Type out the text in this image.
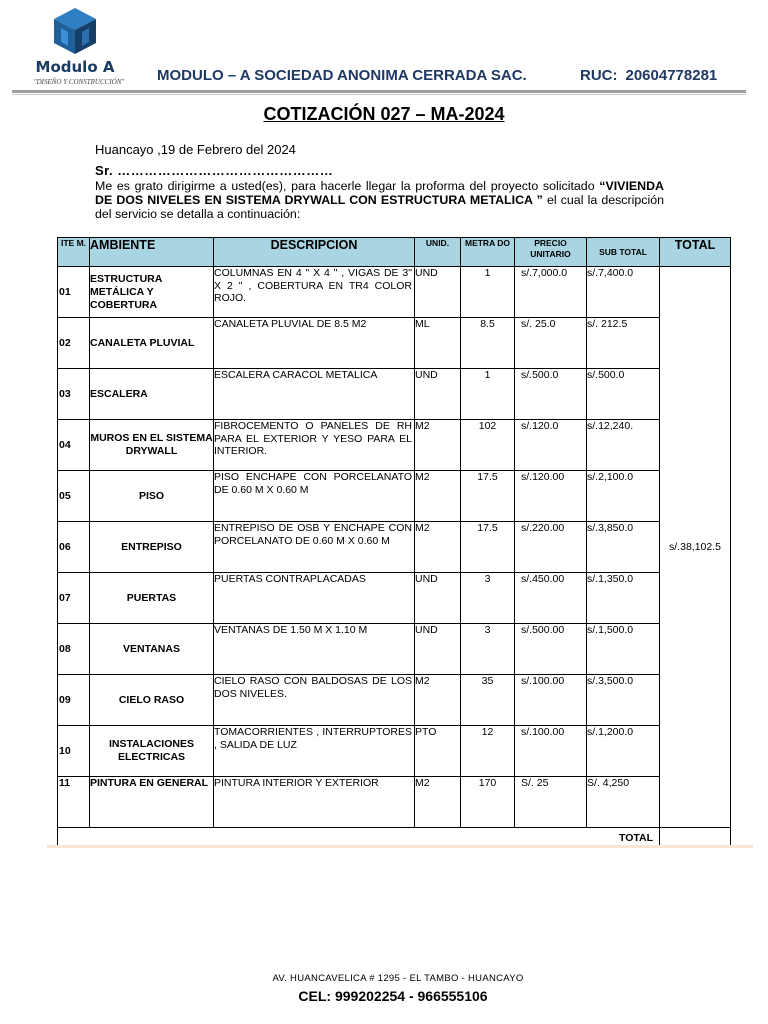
Modulo A
"DISEÑO Y CONSTRUCCIÓN"	MODULO – A SOCIEDAD ANONIMA CERRADA SAC.	RUC: 20604778281
COTIZACIÓN 027 – MA-2024
Huancayo ,19 de Febrero del 2024
Sr. …………………………………………
Me es grato dirigirme a usted(es), para hacerle llegar la proforma del proyecto solicitado “VIVIENDA DE DOS NIVELES EN SISTEMA DRYWALL CON ESTRUCTURA METALICA ” el cual la descripción del servicio se detalla a continuación:
ITE M.	AMBIENTE	DESCRIPCION	UNID.	METRA DO	PRECIO UNITARIO	SUB TOTAL	TOTAL
01	ESTRUCTURA METÁLICA Y COBERTURA	COLUMNAS EN 4 " X 4 " , VIGAS DE 3" X 2 " , COBERTURA EN TR4 COLOR ROJO.	UND	1	s/.7,000.0	s/.7,400.0	s/.38,102.5
02	CANALETA PLUVIAL	CANALETA PLUVIAL DE 8.5 M2	ML	8.5	s/. 25.0	s/. 212.5	
03	ESCALERA	ESCALERA CARACOL METALICA	UND	1	s/.500.0	s/.500.0	
04	MUROS EN EL SISTEMA DRYWALL	FIBROCEMENTO O PANELES DE RH PARA EL EXTERIOR Y YESO PARA EL INTERIOR.	M2	102	s/.120.0	s/.12,240.	
05	PISO	PISO ENCHAPE CON PORCELANATO DE 0.60 M X 0.60 M	M2	17.5	s/.120.00	s/.2,100.0	
06	ENTREPISO	ENTREPISO DE OSB Y ENCHAPE CON PORCELANATO DE 0.60 M X 0.60 M	M2	17.5	s/.220.00	s/.3,850.0	
07	PUERTAS	PUERTAS CONTRAPLACADAS	UND	3	s/.450.00	s/.1,350.0	
08	VENTANAS	VENTANAS DE 1.50 M X 1.10 M	UND	3	s/.500.00	s/.1,500.0	
09	CIELO RASO	CIELO RASO CON BALDOSAS DE LOS DOS NIVELES.	M2	35	s/.100.00	s/.3,500.0	
10	INSTALACIONES ELECTRICAS	TOMACORRIENTES , INTERRUPTORES , SALIDA DE LUZ	PTO	12	s/.100.00	s/.1,200.0	
11	PINTURA EN GENERAL	PINTURA INTERIOR Y EXTERIOR	M2	170	S/. 25	S/. 4,250	
TOTAL							
AV. HUANCAVELICA # 1295 - EL TAMBO - HUANCAYO
CEL: 999202254 - 966555106
